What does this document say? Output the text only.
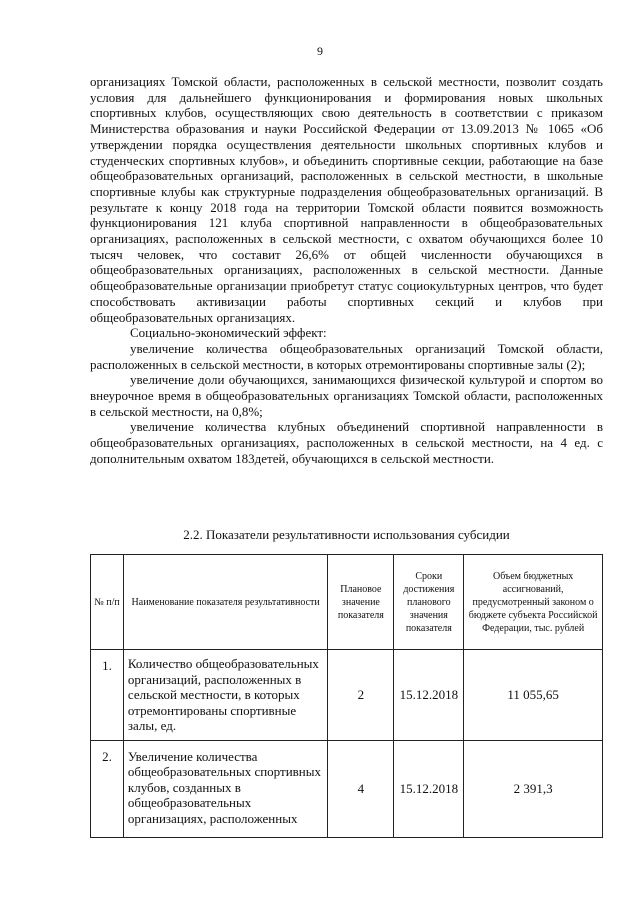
9

организациях Томской области, расположенных в сельской местности, позволит создать условия для дальнейшего функционирования и формирования новых школьных спортивных клубов, осуществляющих свою деятельность в соответствии с приказом Министерства образования и науки Российской Федерации от 13.09.2013 № 1065 «Об утверждении порядка осуществления деятельности школьных спортивных клубов и студенческих спортивных клубов», и объединить спортивные секции, работающие на базе общеобразовательных организаций, расположенных в сельской местности, в школьные спортивные клубы как структурные подразделения общеобразовательных организаций. В результате к концу 2018 года на территории Томской области появится возможность функционирования 121 клуба спортивной направленности в общеобразовательных организациях, расположенных в сельской местности, с охватом обучающихся более 10 тысяч человек, что составит 26,6% от общей численности обучающихся в общеобразовательных организациях, расположенных в сельской местности. Данные общеобразовательные организации приобретут статус социокультурных центров, что будет способствовать активизации работы спортивных секций и клубов при общеобразовательных организациях.

Социально-экономический эффект:

увеличение количества общеобразовательных организаций Томской области, расположенных в сельской местности, в которых отремонтированы спортивные залы (2);

увеличение доли обучающихся, занимающихся физической культурой и спортом во внеурочное время в общеобразовательных организациях Томской области, расположенных в сельской местности, на 0,8%;

увеличение количества клубных объединений спортивной направленности в общеобразовательных организациях, расположенных в сельской местности, на 4 ед. с дополнительным охватом 183детей, обучающихся в сельской местности.

2.2. Показатели результативности использования субсидии
№ п/п	Наименование показателя результативности	Плановое значение показателя	Сроки достижения планового значения показателя	Объем бюджетных ассигнований, предусмотренный законом о бюджете субъекта Российской Федерации, тыс. рублей
1.	Количество общеобразовательных организаций, расположенных в сельской местности, в которых отремонтированы спортивные залы, ед.	2	15.12.2018	11 055,65
2.	Увеличение количества общеобразовательных спортивных клубов, созданных в общеобразовательных организациях, расположенных	4	15.12.2018	2 391,3
